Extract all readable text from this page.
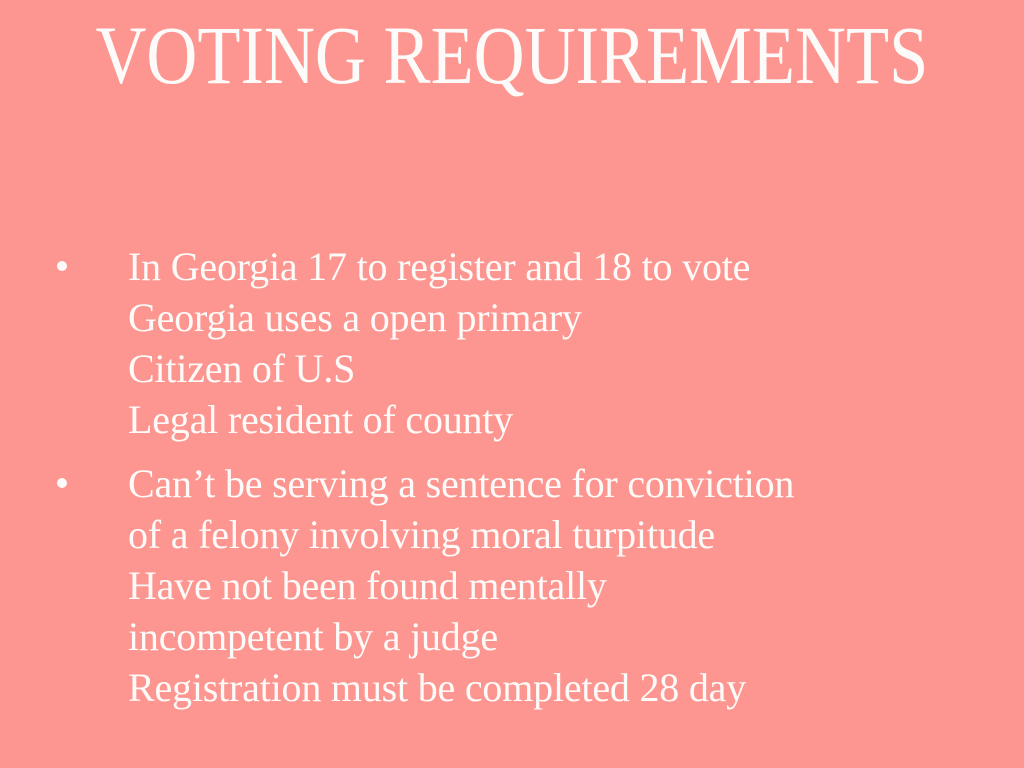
VOTING REQUIREMENTS
In Georgia 17 to register and 18 to vote
Georgia uses a open primary
Citizen of U.S
Legal resident of county
Can’t be serving a sentence for conviction
of a felony involving moral turpitude
Have not been found mentally
incompetent by a judge
Registration must be completed 28 day
